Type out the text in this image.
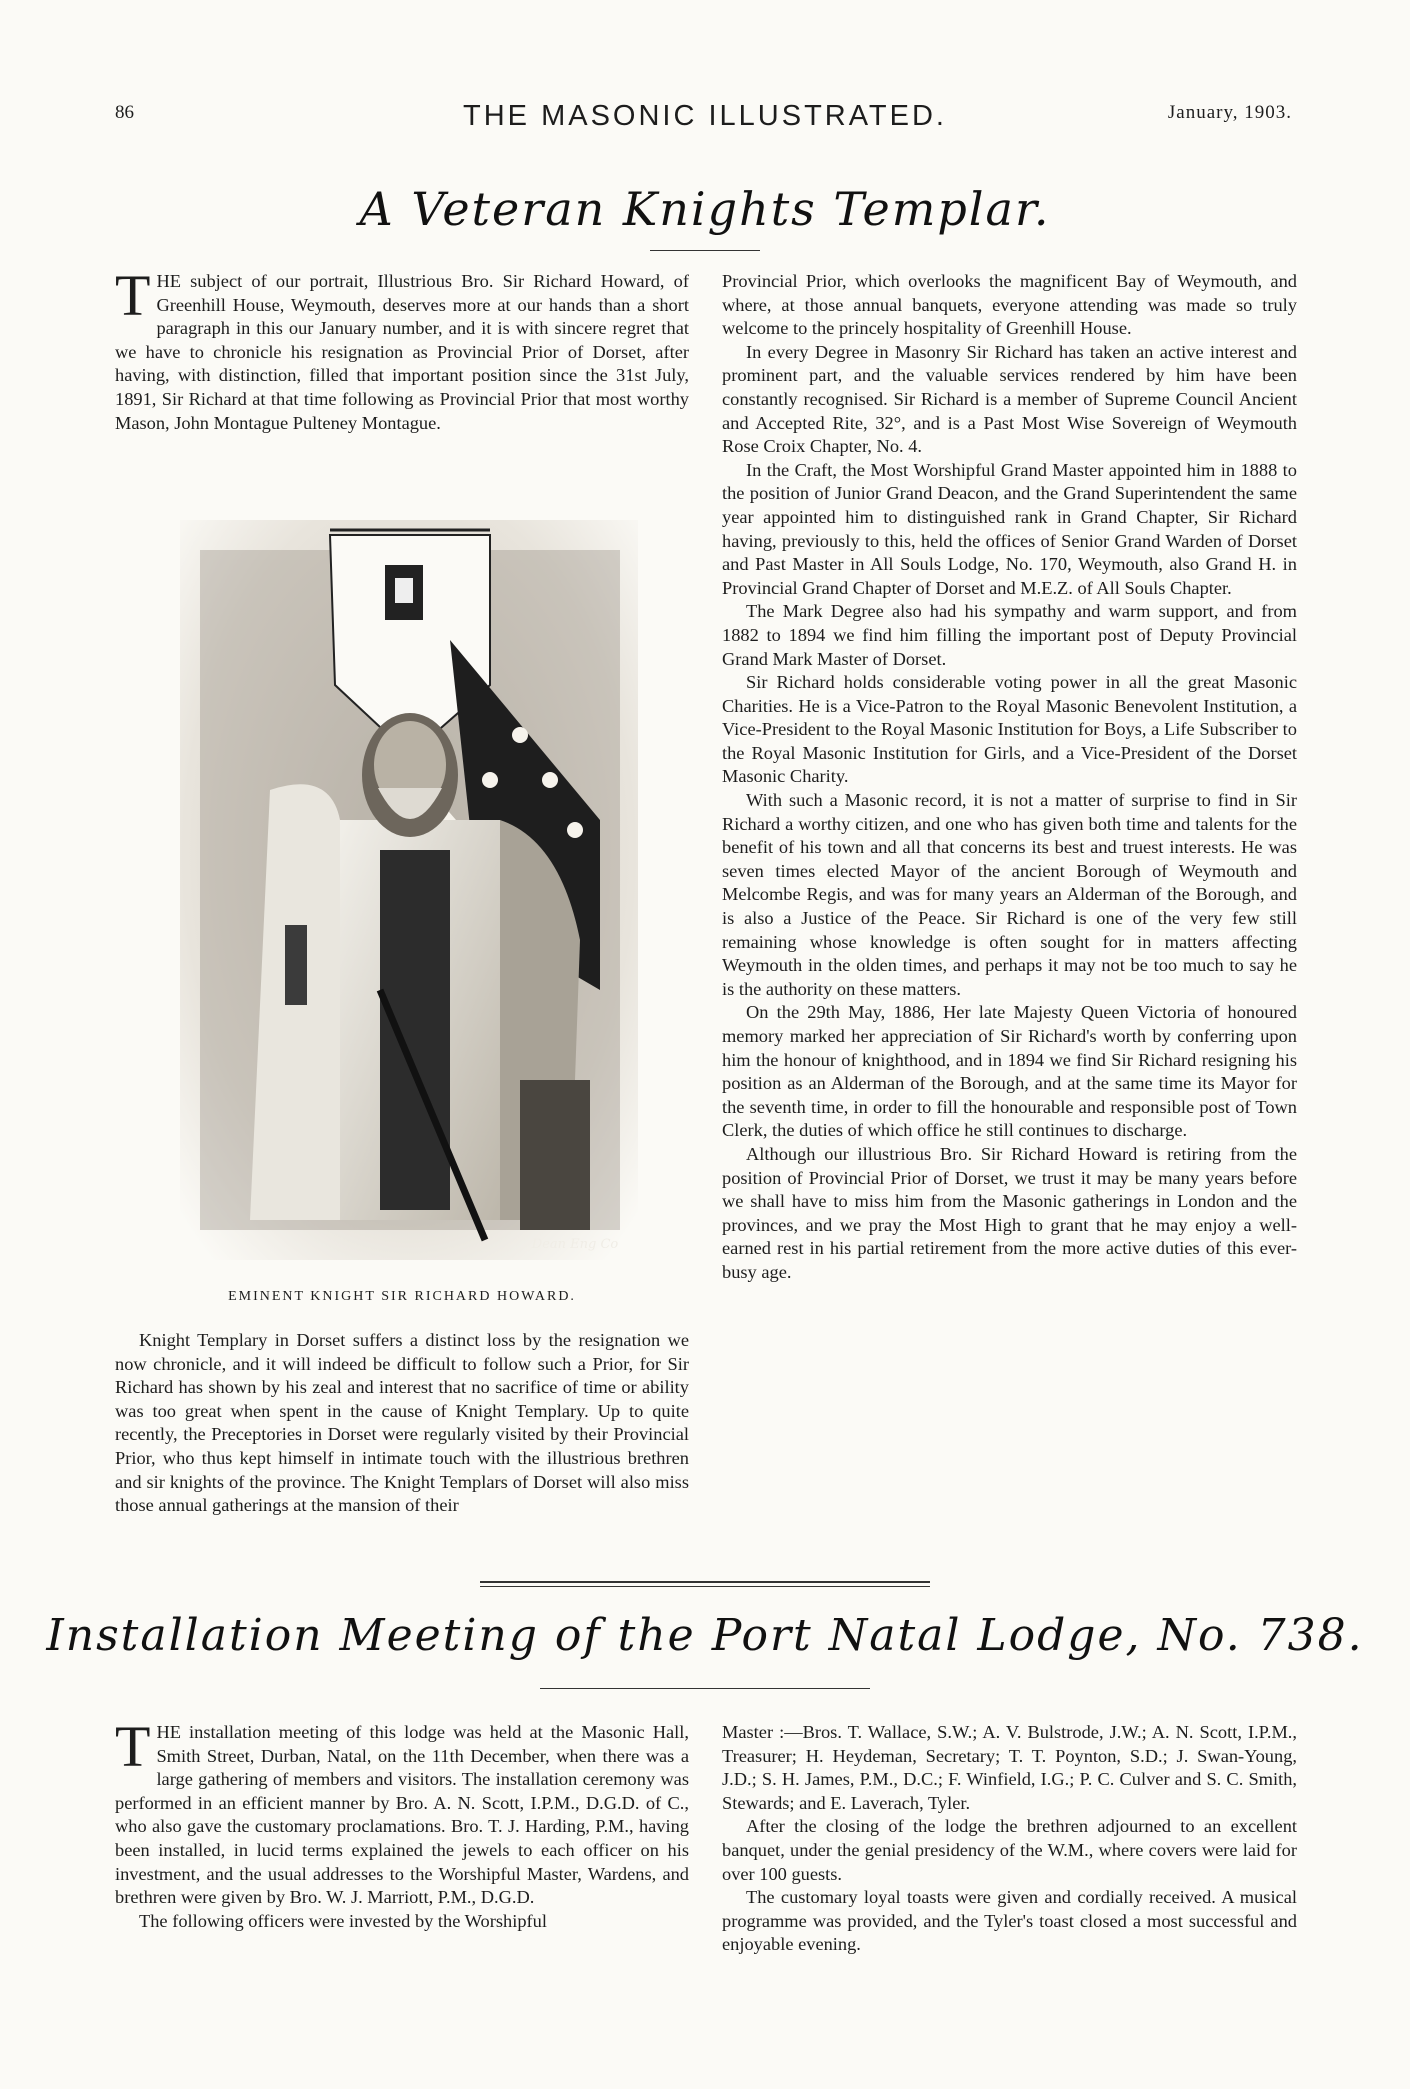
86	THE MASONIC ILLUSTRATED.	January, 1903.
A Veteran Knights Templar.

THE subject of our portrait, Illustrious Bro. Sir Richard Howard, of Greenhill House, Weymouth, deserves more at our hands than a short paragraph in this our January number, and it is with sincere regret that we have to chronicle his resignation as Provincial Prior of Dorset, after having, with distinction, filled that important position since the 31st July, 1891, Sir Richard at that time following as Provincial Prior that most worthy Mason, John Montague Pulteney Montague.

Dean Eng Co
EMINENT KNIGHT SIR RICHARD HOWARD.

Knight Templary in Dorset suffers a distinct loss by the resignation we now chronicle, and it will indeed be difficult to follow such a Prior, for Sir Richard has shown by his zeal and interest that no sacrifice of time or ability was too great when spent in the cause of Knight Templary. Up to quite recently, the Preceptories in Dorset were regularly visited by their Provincial Prior, who thus kept himself in intimate touch with the illustrious brethren and sir knights of the province. The Knight Templars of Dorset will also miss those annual gatherings at the mansion of their

Provincial Prior, which overlooks the magnificent Bay of Weymouth, and where, at those annual banquets, everyone attending was made so truly welcome to the princely hospitality of Greenhill House.

In every Degree in Masonry Sir Richard has taken an active interest and prominent part, and the valuable services rendered by him have been constantly recognised. Sir Richard is a member of Supreme Council Ancient and Accepted Rite, 32°, and is a Past Most Wise Sovereign of Weymouth Rose Croix Chapter, No. 4.

In the Craft, the Most Worshipful Grand Master appointed him in 1888 to the position of Junior Grand Deacon, and the Grand Superintendent the same year appointed him to distinguished rank in Grand Chapter, Sir Richard having, previously to this, held the offices of Senior Grand Warden of Dorset and Past Master in All Souls Lodge, No. 170, Weymouth, also Grand H. in Provincial Grand Chapter of Dorset and M.E.Z. of All Souls Chapter.

The Mark Degree also had his sympathy and warm support, and from 1882 to 1894 we find him filling the important post of Deputy Provincial Grand Mark Master of Dorset.

Sir Richard holds considerable voting power in all the great Masonic Charities. He is a Vice-Patron to the Royal Masonic Benevolent Institution, a Vice-President to the Royal Masonic Institution for Boys, a Life Subscriber to the Royal Masonic Institution for Girls, and a Vice-President of the Dorset Masonic Charity.

With such a Masonic record, it is not a matter of surprise to find in Sir Richard a worthy citizen, and one who has given both time and talents for the benefit of his town and all that concerns its best and truest interests. He was seven times elected Mayor of the ancient Borough of Weymouth and Melcombe Regis, and was for many years an Alderman of the Borough, and is also a Justice of the Peace. Sir Richard is one of the very few still remaining whose knowledge is often sought for in matters affecting Weymouth in the olden times, and perhaps it may not be too much to say he is the authority on these matters.

On the 29th May, 1886, Her late Majesty Queen Victoria of honoured memory marked her appreciation of Sir Richard's worth by conferring upon him the honour of knighthood, and in 1894 we find Sir Richard resigning his position as an Alderman of the Borough, and at the same time its Mayor for the seventh time, in order to fill the honourable and responsible post of Town Clerk, the duties of which office he still continues to discharge.

Although our illustrious Bro. Sir Richard Howard is retiring from the position of Provincial Prior of Dorset, we trust it may be many years before we shall have to miss him from the Masonic gatherings in London and the provinces, and we pray the Most High to grant that he may enjoy a well-earned rest in his partial retirement from the more active duties of this ever-busy age.

Installation Meeting of the Port Natal Lodge, No. 738.

THE installation meeting of this lodge was held at the Masonic Hall, Smith Street, Durban, Natal, on the 11th December, when there was a large gathering of members and visitors. The installation ceremony was performed in an efficient manner by Bro. A. N. Scott, I.P.M., D.G.D. of C., who also gave the customary proclamations. Bro. T. J. Harding, P.M., having been installed, in lucid terms explained the jewels to each officer on his investment, and the usual addresses to the Worshipful Master, Wardens, and brethren were given by Bro. W. J. Marriott, P.M., D.G.D.

The following officers were invested by the Worshipful

Master :—Bros. T. Wallace, S.W.; A. V. Bulstrode, J.W.; A. N. Scott, I.P.M., Treasurer; H. Heydeman, Secretary; T. T. Poynton, S.D.; J. Swan-Young, J.D.; S. H. James, P.M., D.C.; F. Winfield, I.G.; P. C. Culver and S. C. Smith, Stewards; and E. Laverach, Tyler.

After the closing of the lodge the brethren adjourned to an excellent banquet, under the genial presidency of the W.M., where covers were laid for over 100 guests.

The customary loyal toasts were given and cordially received. A musical programme was provided, and the Tyler's toast closed a most successful and enjoyable evening.
